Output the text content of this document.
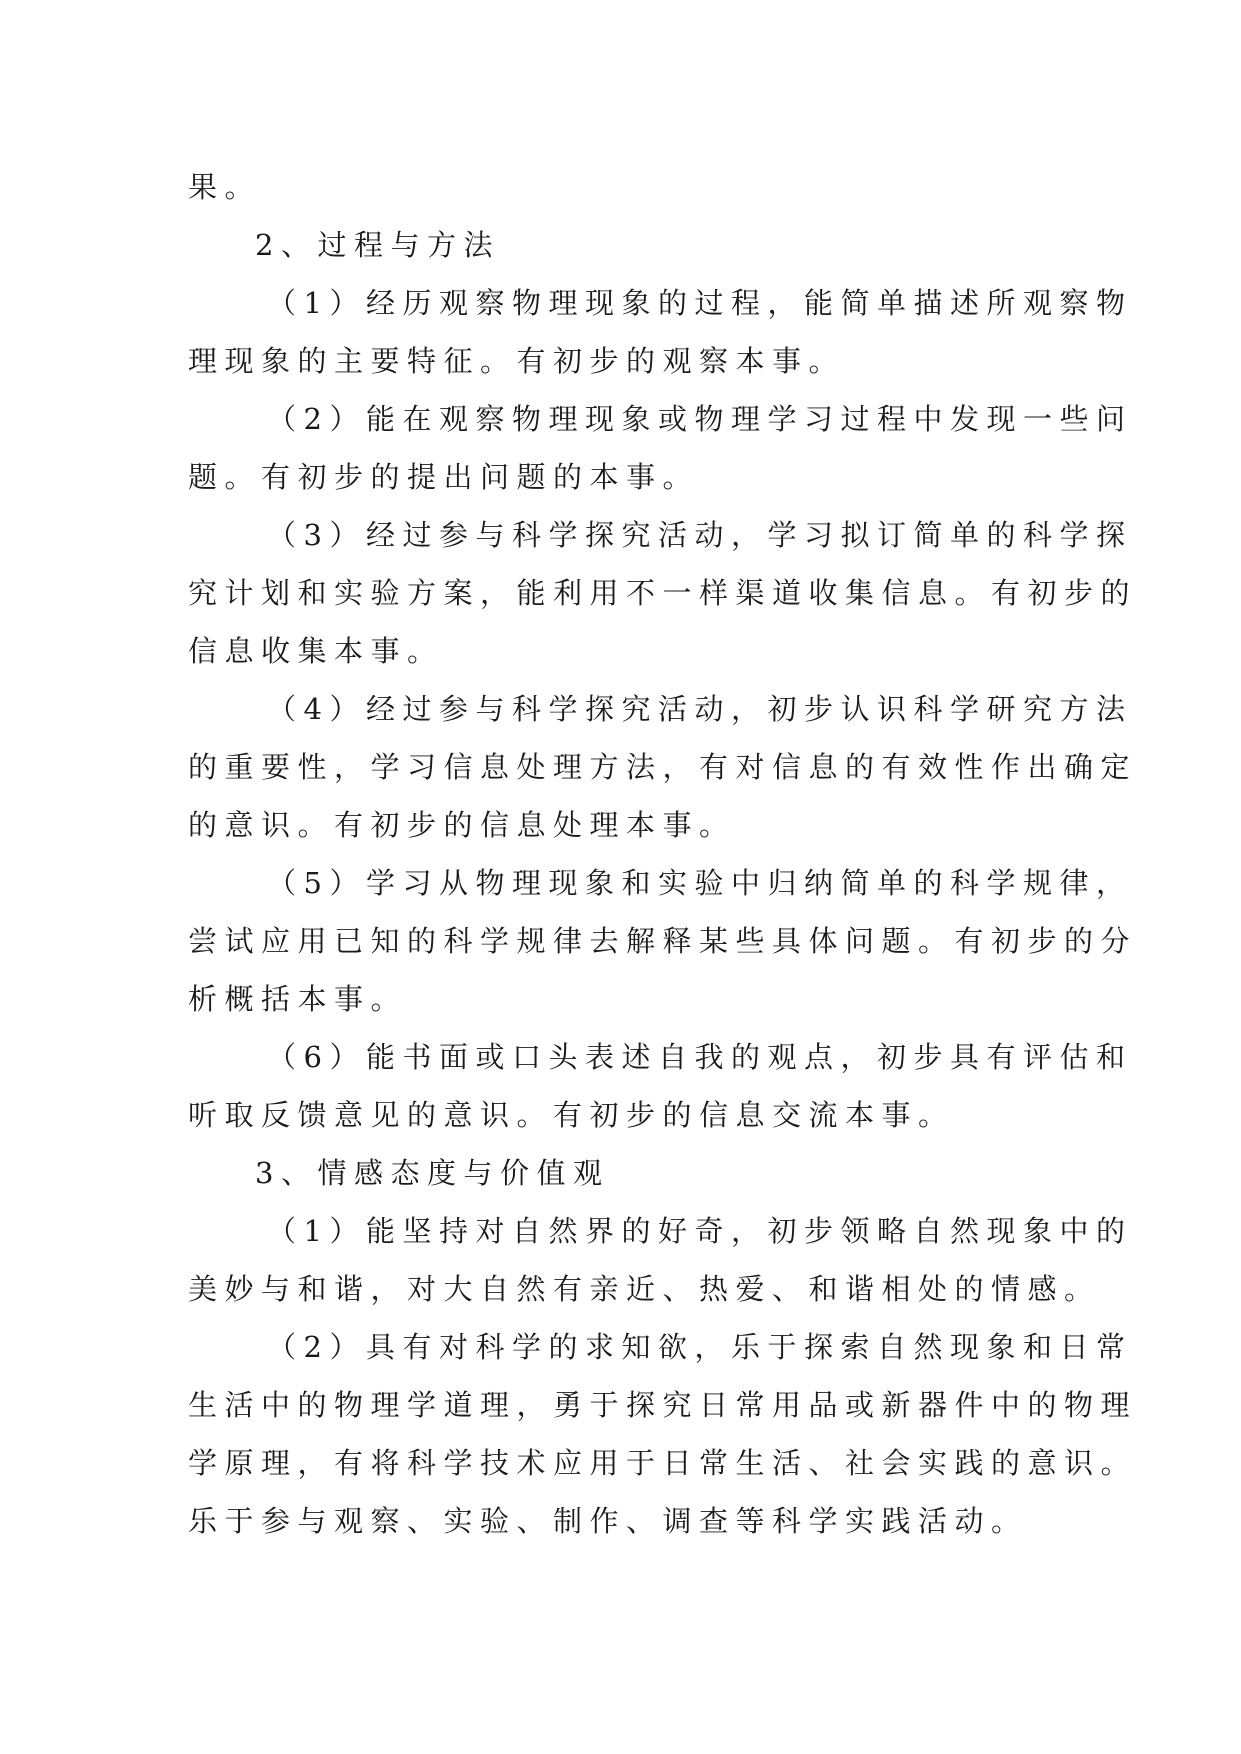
果。
2、过程与方法
（1）经历观察物理现象的过程，能简单描述所观察物
理现象的主要特征。有初步的观察本事。
（2）能在观察物理现象或物理学习过程中发现一些问
题。有初步的提出问题的本事。
（3）经过参与科学探究活动，学习拟订简单的科学探
究计划和实验方案，能利用不一样渠道收集信息。有初步的
信息收集本事。
（4）经过参与科学探究活动，初步认识科学研究方法
的重要性，学习信息处理方法，有对信息的有效性作出确定
的意识。有初步的信息处理本事。
（5）学习从物理现象和实验中归纳简单的科学规律，
尝试应用已知的科学规律去解释某些具体问题。有初步的分
析概括本事。
（6）能书面或口头表述自我的观点，初步具有评估和
听取反馈意见的意识。有初步的信息交流本事。
3、情感态度与价值观
（1）能坚持对自然界的好奇，初步领略自然现象中的
美妙与和谐，对大自然有亲近、热爱、和谐相处的情感。
（2）具有对科学的求知欲，乐于探索自然现象和日常
生活中的物理学道理，勇于探究日常用品或新器件中的物理
学原理，有将科学技术应用于日常生活、社会实践的意识。
乐于参与观察、实验、制作、调查等科学实践活动。
